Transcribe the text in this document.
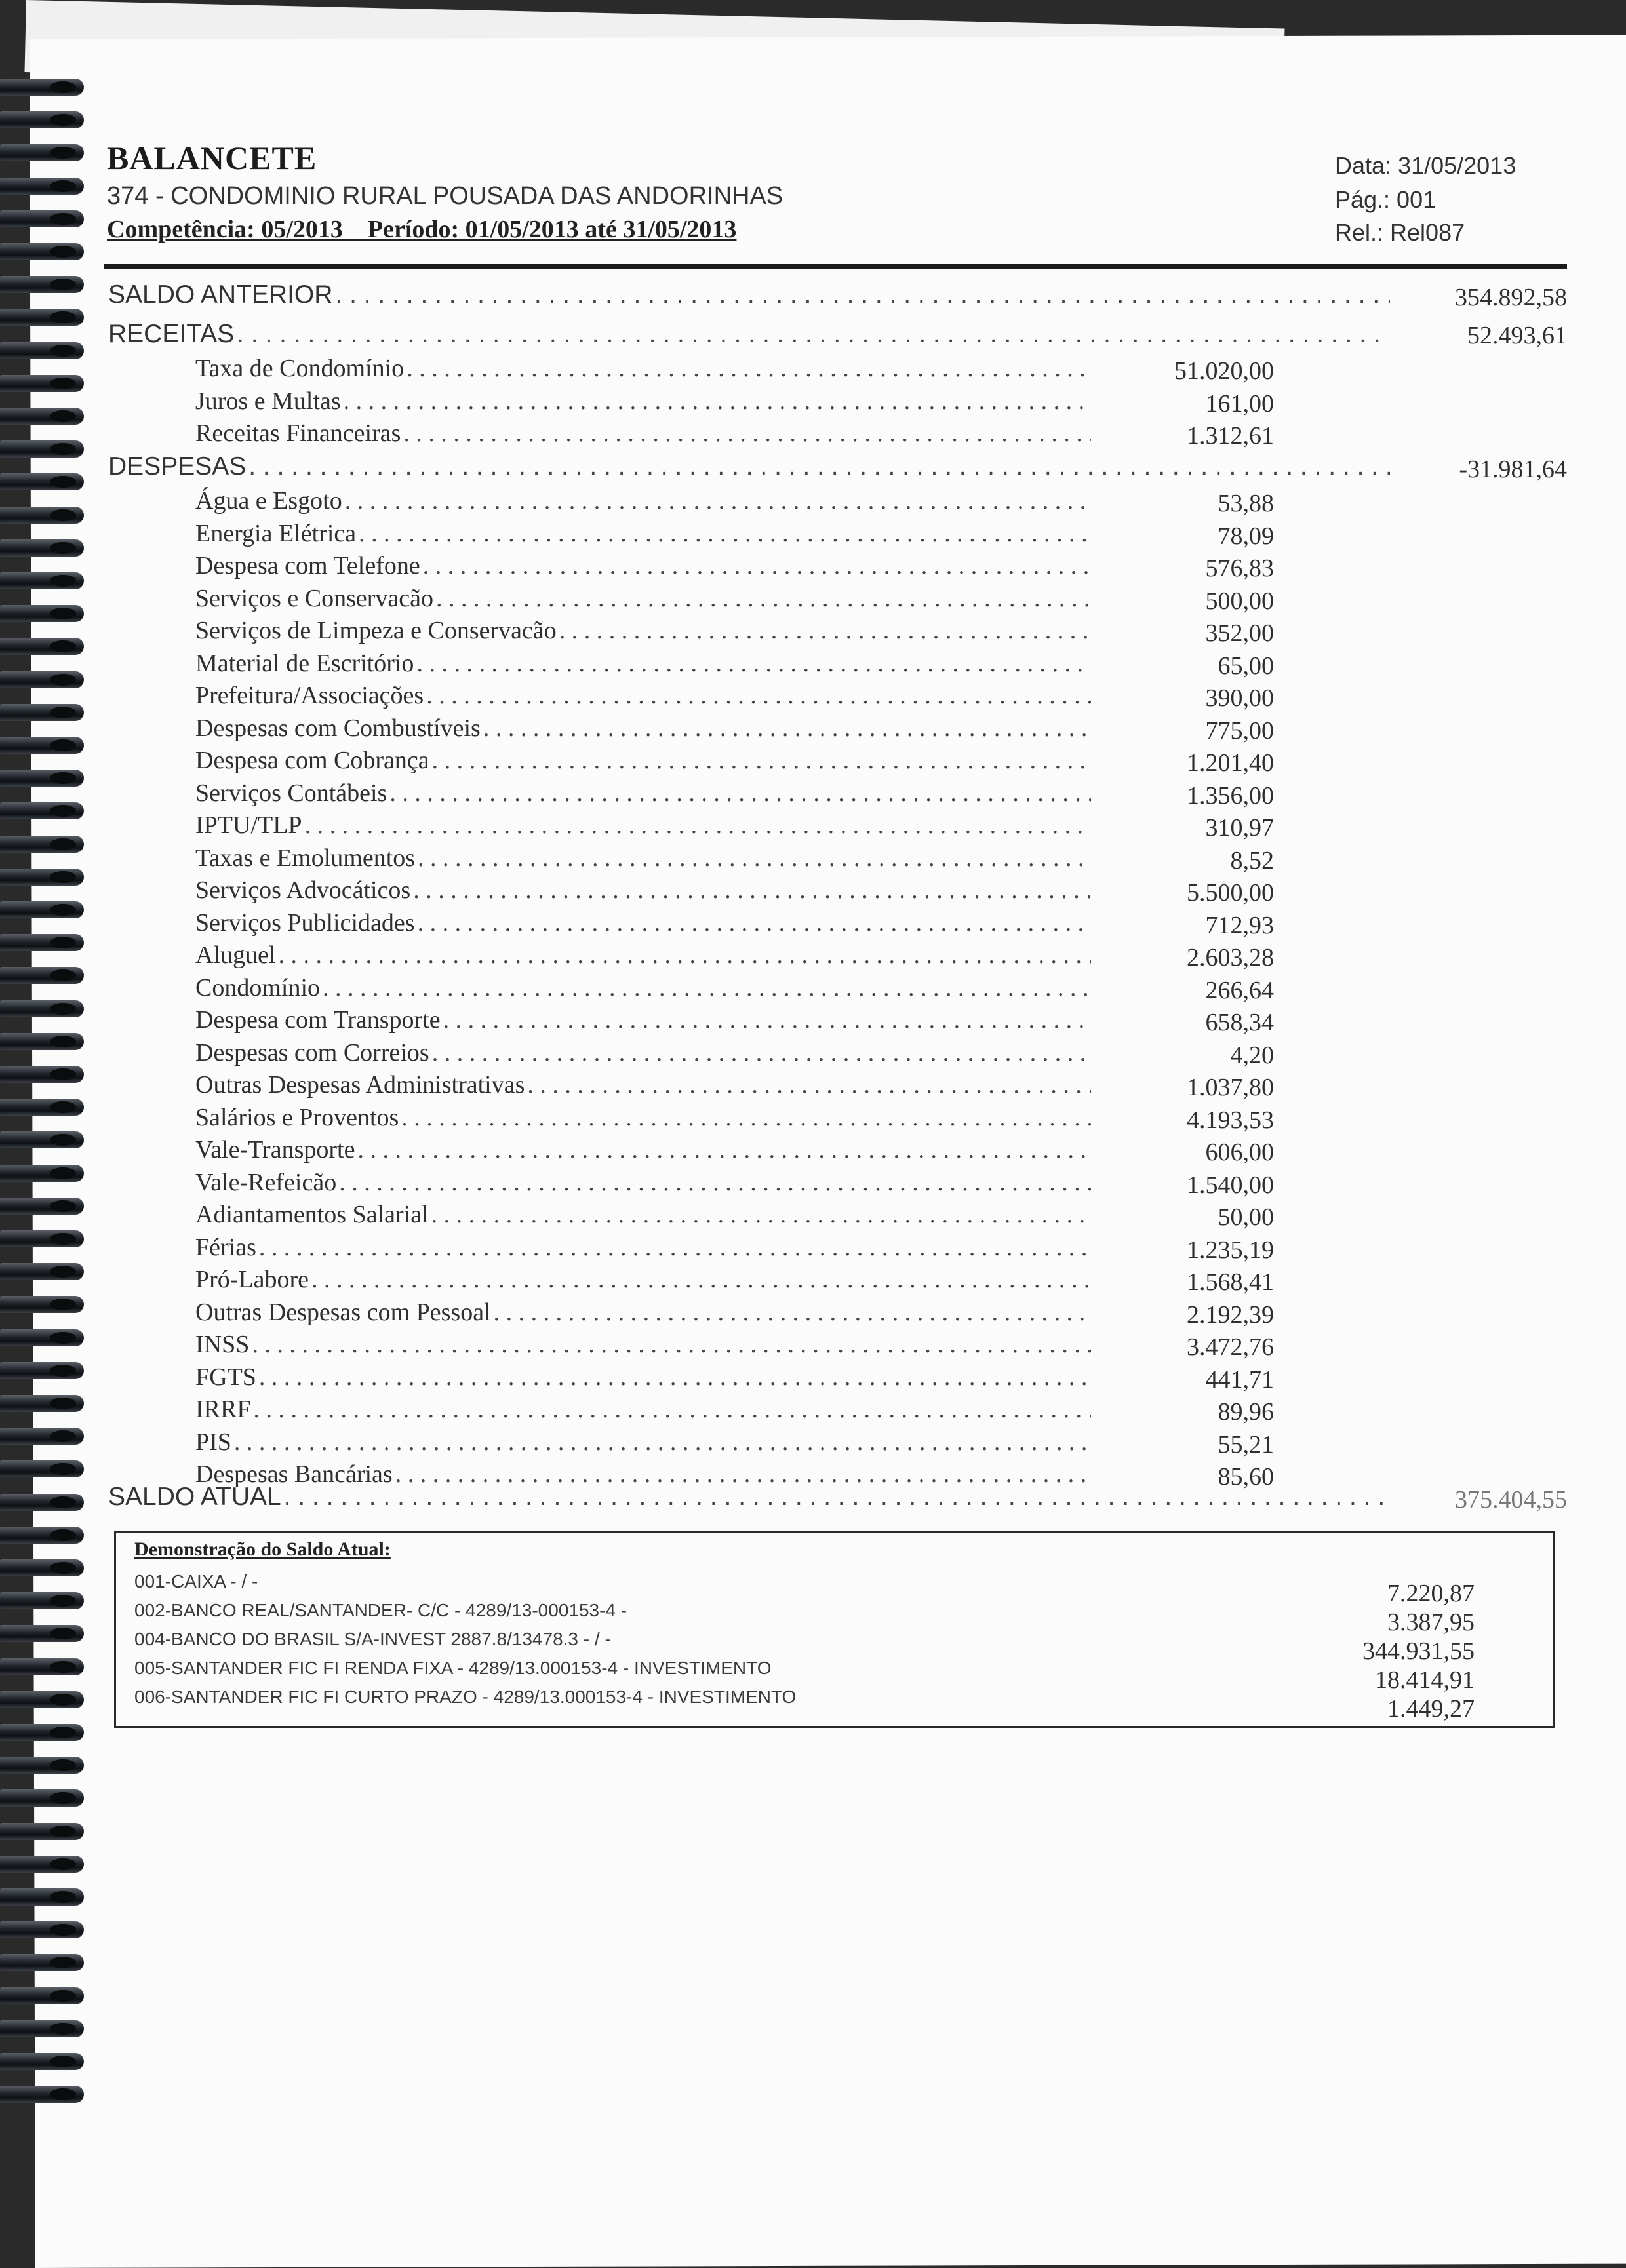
BALANCETE
374 - CONDOMINIO RURAL POUSADA DAS ANDORINHAS
Competência: 05/2013    Período: 01/05/2013 até 31/05/2013
Data: 31/05/2013
Pág.: 001
Rel.: Rel087
SALDO ANTERIOR . . .	354.892,58
RECEITAS . . .	52.493,61
Taxa de Condomínio . . .	51.020,00
Juros e Multas . . .	161,00
Receitas Financeiras . . .	1.312,61
DESPESAS . . .	-31.981,64
Água e Esgoto . . .	53,88
Energia Elétrica . . .	78,09
Despesa com Telefone . . .	576,83
Serviços e Conservacão . . .	500,00
Serviços de Limpeza e Conservacão . . .	352,00
Material de Escritório . . .	65,00
Prefeitura/Associações . . .	390,00
Despesas com Combustíveis . . .	775,00
Despesa com Cobrança . . .	1.201,40
Serviços Contábeis . . .	1.356,00
IPTU/TLP . . .	310,97
Taxas e Emolumentos . . .	8,52
Serviços Advocáticos . . .	5.500,00
Serviços Publicidades . . .	712,93
Aluguel . . .	2.603,28
Condomínio . . .	266,64
Despesa com Transporte . . .	658,34
Despesas com Correios . . .	4,20
Outras Despesas Administrativas . . .	1.037,80
Salários e Proventos . . .	4.193,53
Vale-Transporte . . .	606,00
Vale-Refeicão . . .	1.540,00
Adiantamentos Salarial . . .	50,00
Férias . . .	1.235,19
Pró-Labore . . .	1.568,41
Outras Despesas com Pessoal . . .	2.192,39
INSS . . .	3.472,76
FGTS . . .	441,71
IRRF . . .	89,96
PIS . . .	55,21
Despesas Bancárias . . .	85,60
SALDO ATUAL . . .	375.404,55
Demonstração do Saldo Atual:
001-CAIXA - / -	7.220,87
002-BANCO REAL/SANTANDER- C/C - 4289/13-000153-4 -	3.387,95
004-BANCO DO BRASIL S/A-INVEST 2887.8/13478.3 - / -	344.931,55
005-SANTANDER FIC FI RENDA FIXA - 4289/13.000153-4 - INVESTIMENTO	18.414,91
006-SANTANDER FIC FI CURTO PRAZO - 4289/13.000153-4 - INVESTIMENTO	1.449,27
